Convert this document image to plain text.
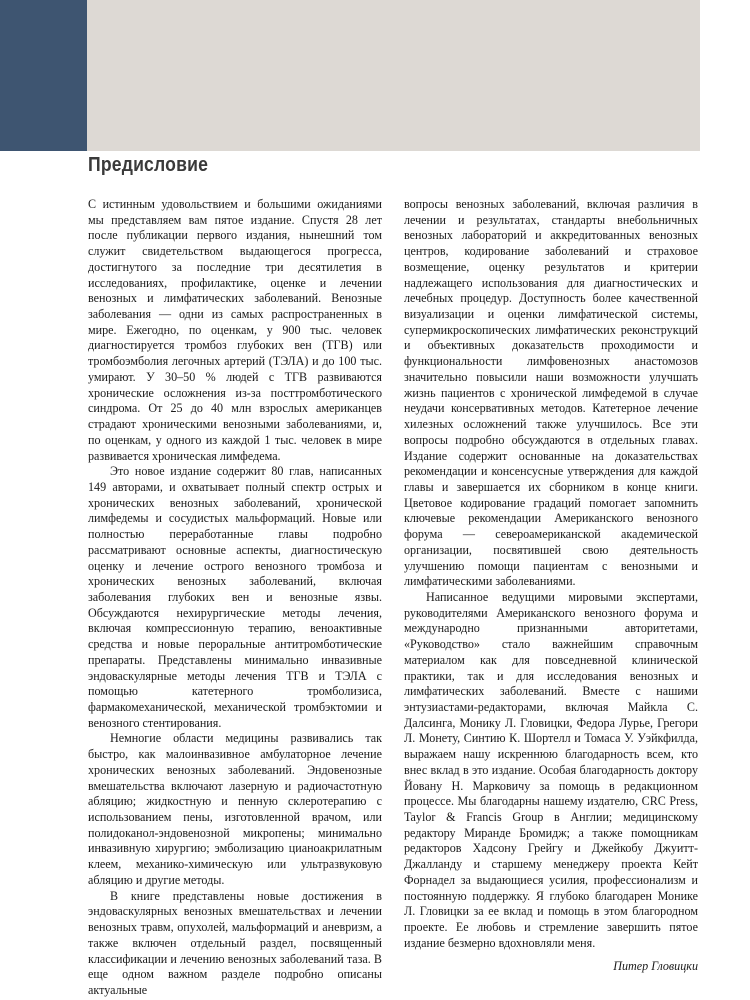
Предисловие

С истинным удовольствием и большими ожиданиями мы представляем вам пятое издание. Спустя 28 лет после публикации первого издания, нынешний том служит свидетельством выдающегося прогресса, достигнутого за последние три десятилетия в исследованиях, профилактике, оценке и лечении венозных и лимфатических заболеваний. Венозные заболевания — одни из самых распространенных в мире. Ежегодно, по оценкам, у 900 тыс. человек диагностируется тромбоз глубоких вен (ТГВ) или тромбоэмболия легочных артерий (ТЭЛА) и до 100 тыс. умирают. У 30–50 % людей с ТГВ развиваются хронические осложнения из-за посттромботического синдрома. От 25 до 40 млн взрослых американцев страдают хроническими венозными заболеваниями, и, по оценкам, у одного из каждой 1 тыс. человек в мире развивается хроническая лимфедема.

Это новое издание содержит 80 глав, написанных 149 авторами, и охватывает полный спектр острых и хронических венозных заболеваний, хронической лимфедемы и сосудистых мальформаций. Новые или полностью переработанные главы подробно рассматривают основные аспекты, диагностическую оценку и лечение острого венозного тромбоза и хронических венозных заболеваний, включая заболевания глубоких вен и венозные язвы. Обсуждаются нехирургические методы лечения, включая компрессионную терапию, веноактивные средства и новые пероральные антитромботические препараты. Представлены минимально инвазивные эндоваскулярные методы лечения ТГВ и ТЭЛА с помощью катетерного тромболизиса, фармакомеханической, механической тромбэктомии и венозного стентирования.

Немногие области медицины развивались так быстро, как малоинвазивное амбулаторное лечение хронических венозных заболеваний. Эндовенозные вмешательства включают лазерную и радиочастотную абляцию; жидкостную и пенную склеротерапию с использованием пены, изготовленной врачом, или полидоканол-эндовенозной микропены; минимально инвазивную хирургию; эмболизацию цианоакрилатным клеем, механико-химическую или ультразвуковую абляцию и другие методы.

В книге представлены новые достижения в эндоваскулярных венозных вмешательствах и лечении венозных травм, опухолей, мальформаций и аневризм, а также включен отдельный раздел, посвященный классификации и лечению венозных заболеваний таза. В еще одном важном разделе подробно описаны актуальные

вопросы венозных заболеваний, включая различия в лечении и результатах, стандарты внебольничных венозных лабораторий и аккредитованных венозных центров, кодирование заболеваний и страховое возмещение, оценку результатов и критерии надлежащего использования для диагностических и лечебных процедур. Доступность более качественной визуализации и оценки лимфатической системы, супермикроскопических лимфатических реконструкций и объективных доказательств проходимости и функциональности лимфовенозных анастомозов значительно повысили наши возможности улучшать жизнь пациентов с хронической лимфедемой в случае неудачи консервативных методов. Катетерное лечение хилезных осложнений также улучшилось. Все эти вопросы подробно обсуждаются в отдельных главах. Издание содержит основанные на доказательствах рекомендации и консенсусные утверждения для каждой главы и завершается их сборником в конце книги. Цветовое кодирование градаций помогает запомнить ключевые рекомендации Американского венозного форума — североамериканской академической организации, посвятившей свою деятельность улучшению помощи пациентам с венозными и лимфатическими заболеваниями.

Написанное ведущими мировыми экспертами, руководителями Американского венозного форума и международно признанными авторитетами, «Руководство» стало важнейшим справочным материалом как для повседневной клинической практики, так и для исследования венозных и лимфатических заболеваний. Вместе с нашими энтузиастами-редакторами, включая Майкла С. Далсинга, Монику Л. Гловицки, Федора Лурье, Грегори Л. Монету, Синтию К. Шортелл и Томаса У. Уэйкфилда, выражаем нашу искреннюю благодарность всем, кто внес вклад в это издание. Особая благодарность доктору Йовану Н. Марковичу за помощь в редакционном процессе. Мы благодарны нашему издателю, CRC Press, Taylor & Francis Group в Англии; медицинскому редактору Миранде Бромидж; а также помощникам редакторов Хадсону Грейгу и Джейкобу Джуитт-Джалланду и старшему менеджеру проекта Кейт Форнадел за выдающиеся усилия, профессионализм и постоянную поддержку. Я глубоко благодарен Монике Л. Гловицки за ее вклад и помощь в этом благородном проекте. Ее любовь и стремление завершить пятое издание безмерно вдохновляли меня.

Питер Гловицки
